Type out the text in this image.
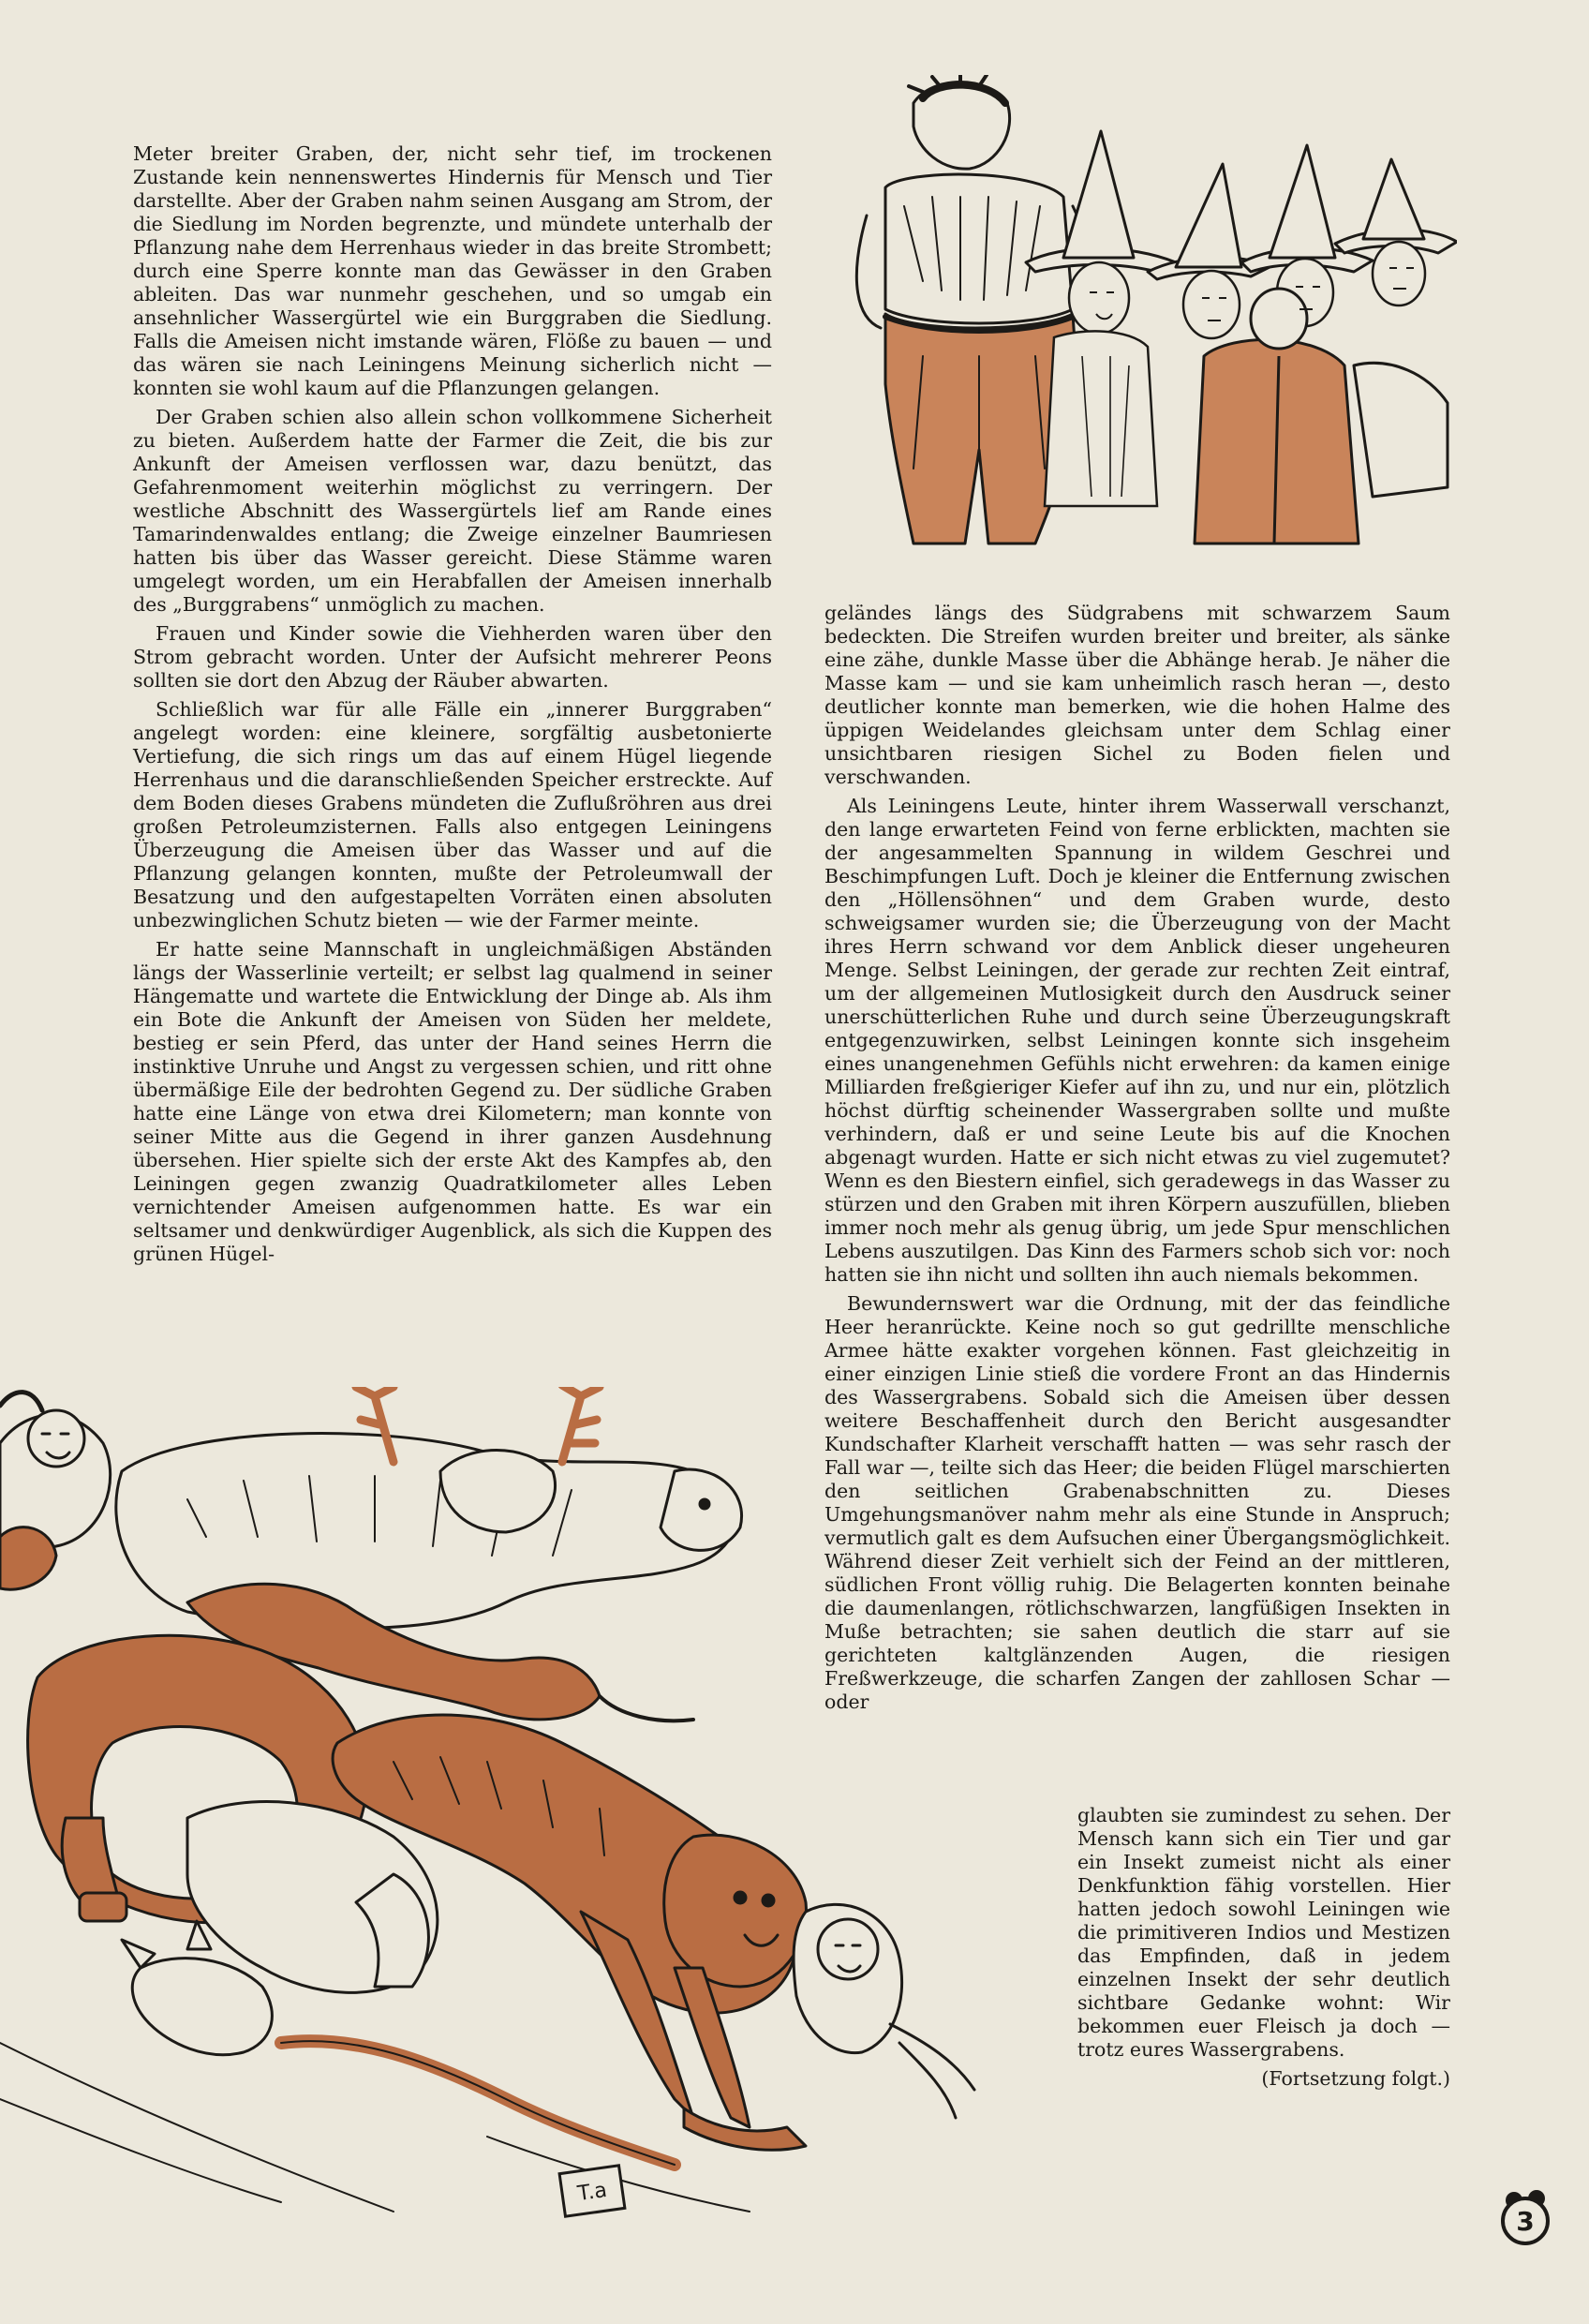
Meter breiter Graben, der, nicht sehr tief, im trockenen Zustande kein nennenswertes Hindernis für Mensch und Tier darstellte. Aber der Graben nahm seinen Ausgang am Strom, der die Siedlung im Norden begrenzte, und mündete unterhalb der Pflanzung nahe dem Herrenhaus wieder in das breite Strombett; durch eine Sperre konnte man das Gewässer in den Graben ableiten. Das war nunmehr geschehen, und so umgab ein ansehnlicher Wassergürtel wie ein Burggraben die Siedlung. Falls die Ameisen nicht imstande wären, Flöße zu bauen — und das wären sie nach Leiningens Meinung sicherlich nicht — konnten sie wohl kaum auf die Pflanzungen gelangen.

Der Graben schien also allein schon vollkommene Sicherheit zu bieten. Außerdem hatte der Farmer die Zeit, die bis zur Ankunft der Ameisen verflossen war, dazu benützt, das Gefahrenmoment weiterhin möglichst zu verringern. Der westliche Abschnitt des Wassergürtels lief am Rande eines Tamarindenwaldes entlang; die Zweige einzelner Baumriesen hatten bis über das Wasser gereicht. Diese Stämme waren umgelegt worden, um ein Herabfallen der Ameisen innerhalb des „Burggrabens“ unmöglich zu machen.

Frauen und Kinder sowie die Viehherden waren über den Strom gebracht worden. Unter der Aufsicht mehrerer Peons sollten sie dort den Abzug der Räuber abwarten.

Schließlich war für alle Fälle ein „innerer Burggraben“ angelegt worden: eine kleinere, sorgfältig ausbetonierte Vertiefung, die sich rings um das auf einem Hügel liegende Herrenhaus und die daranschließenden Speicher erstreckte. Auf dem Boden dieses Grabens mündeten die Zuflußröhren aus drei großen Petroleumzisternen. Falls also entgegen Leiningens Überzeugung die Ameisen über das Wasser und auf die Pflanzung gelangen konnten, mußte der Petroleumwall der Besatzung und den aufgestapelten Vorräten einen absoluten unbezwinglichen Schutz bieten — wie der Farmer meinte.

Er hatte seine Mannschaft in ungleichmäßigen Abständen längs der Wasserlinie verteilt; er selbst lag qualmend in seiner Hängematte und wartete die Entwicklung der Dinge ab. Als ihm ein Bote die Ankunft der Ameisen von Süden her meldete, bestieg er sein Pferd, das unter der Hand seines Herrn die instinktive Unruhe und Angst zu vergessen schien, und ritt ohne übermäßige Eile der bedrohten Gegend zu. Der südliche Graben hatte eine Länge von etwa drei Kilometern; man konnte von seiner Mitte aus die Gegend in ihrer ganzen Ausdehnung übersehen. Hier spielte sich der erste Akt des Kampfes ab, den Leiningen gegen zwanzig Quadratkilometer alles Leben vernichtender Ameisen aufgenommen hatte. Es war ein seltsamer und denkwürdiger Augenblick, als sich die Kuppen des grünen Hügel-

geländes längs des Südgrabens mit schwarzem Saum bedeckten. Die Streifen wurden breiter und breiter, als sänke eine zähe, dunkle Masse über die Abhänge herab. Je näher die Masse kam — und sie kam unheimlich rasch heran —, desto deutlicher konnte man bemerken, wie die hohen Halme des üppigen Weidelandes gleichsam unter dem Schlag einer unsichtbaren riesigen Sichel zu Boden fielen und verschwanden.

Als Leiningens Leute, hinter ihrem Wasserwall verschanzt, den lange erwarteten Feind von ferne erblickten, machten sie der angesammelten Spannung in wildem Geschrei und Beschimpfungen Luft. Doch je kleiner die Entfernung zwischen den „Höllensöhnen“ und dem Graben wurde, desto schweigsamer wurden sie; die Überzeugung von der Macht ihres Herrn schwand vor dem Anblick dieser ungeheuren Menge. Selbst Leiningen, der gerade zur rechten Zeit eintraf, um der allgemeinen Mutlosigkeit durch den Ausdruck seiner unerschütterlichen Ruhe und durch seine Überzeugungskraft entgegenzuwirken, selbst Leiningen konnte sich insgeheim eines unangenehmen Gefühls nicht erwehren: da kamen einige Milliarden freßgieriger Kiefer auf ihn zu, und nur ein, plötzlich höchst dürftig scheinender Wassergraben sollte und mußte verhindern, daß er und seine Leute bis auf die Knochen abgenagt wurden. Hatte er sich nicht etwas zu viel zugemutet? Wenn es den Biestern einfiel, sich geradewegs in das Wasser zu stürzen und den Graben mit ihren Körpern auszufüllen, blieben immer noch mehr als genug übrig, um jede Spur menschlichen Lebens auszutilgen. Das Kinn des Farmers schob sich vor: noch hatten sie ihn nicht und sollten ihn auch niemals bekommen.

Bewundernswert war die Ordnung, mit der das feindliche Heer heranrückte. Keine noch so gut gedrillte menschliche Armee hätte exakter vorgehen können. Fast gleichzeitig in einer einzigen Linie stieß die vordere Front an das Hindernis des Wassergrabens. Sobald sich die Ameisen über dessen weitere Beschaffenheit durch den Bericht ausgesandter Kundschafter Klarheit verschafft hatten — was sehr rasch der Fall war —, teilte sich das Heer; die beiden Flügel marschierten den seitlichen Grabenabschnitten zu. Dieses Umgehungsmanöver nahm mehr als eine Stunde in Anspruch; vermutlich galt es dem Aufsuchen einer Übergangsmöglichkeit. Während dieser Zeit verhielt sich der Feind an der mittleren, südlichen Front völlig ruhig. Die Belagerten konnten beinahe die daumenlangen, rötlichschwarzen, langfüßigen Insekten in Muße betrachten; sie sahen deutlich die starr auf sie gerichteten kaltglänzenden Augen, die riesigen Freßwerkzeuge, die scharfen Zangen der zahllosen Schar — oder

glaubten sie zumindest zu sehen. Der Mensch kann sich ein Tier und gar ein Insekt zumeist nicht als einer Denkfunktion fähig vorstellen. Hier hatten jedoch sowohl Leiningen wie die primitiveren Indios und Mestizen das Empfinden, daß in jedem einzelnen Insekt der sehr deutlich sichtbare Gedanke wohnt: Wir bekommen euer Fleisch ja doch — trotz eures Wassergrabens.

(Fortsetzung folgt.)

T.a
3
